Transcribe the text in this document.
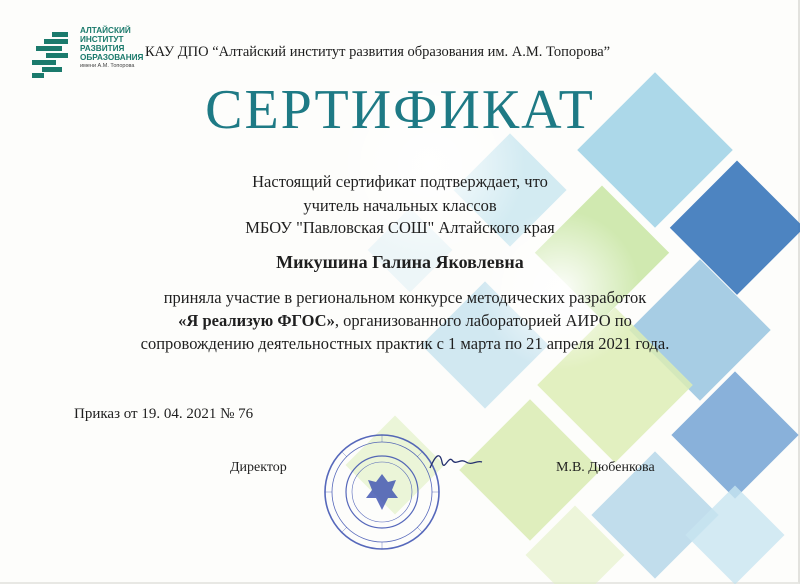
АЛТАЙСКИЙ
ИНСТИТУТ
РАЗВИТИЯ
ОБРАЗОВАНИЯ
имени А.М. Топорова
КАУ ДПО “Алтайский институт развития образования им. А.М. Топорова”
СЕРТИФИКАТ
Настоящий сертификат подтверждает, что
учитель начальных классов
МБОУ "Павловская СОШ" Алтайского края
Микушина Галина Яковлевна
приняла участие в региональном конкурсе методических разработок
«Я реализую ФГОС», организованного лабораторией АИРО по
сопровождению деятельностных практик с 1 марта по 21 апреля 2021 года.
Приказ от 19. 04. 2021 № 76
Директор	М.В. Дюбенкова
